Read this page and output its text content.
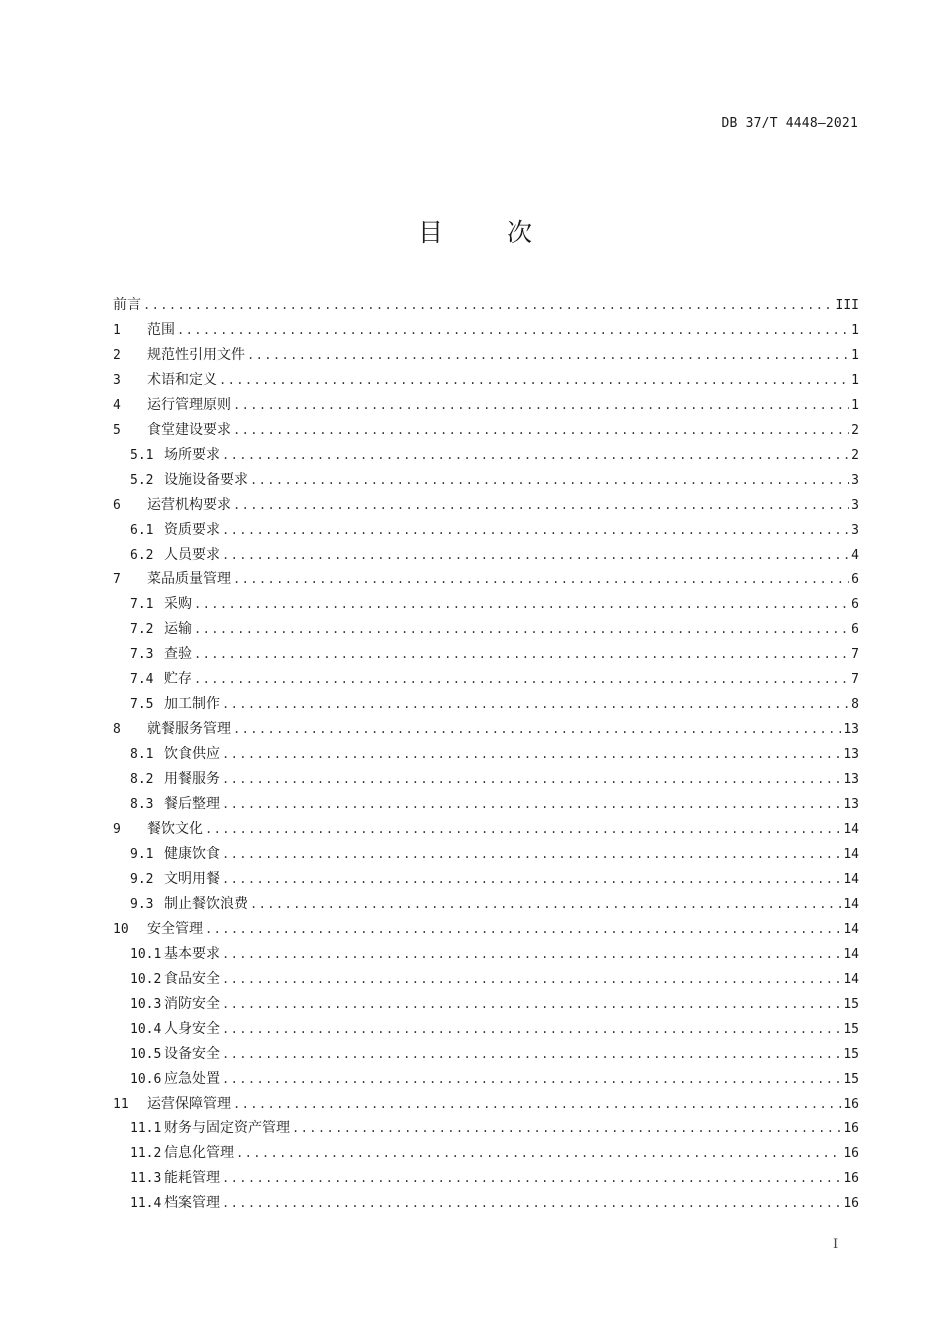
DB 37/T 4448—2021
目 次
前言 .....	III
1	范围 .....	1
2	规范性引用文件 .....	1
3	术语和定义 .....	1
4	运行管理原则 .....	1
5	食堂建设要求 .....	2
5.1 场所要求 .....	2
5.2 设施设备要求 .....	3
6	运营机构要求 .....	3
6.1 资质要求 .....	3
6.2 人员要求 .....	4
7	菜品质量管理 .....	6
7.1 采购 .....	6
7.2 运输 .....	6
7.3 查验 .....	7
7.4 贮存 .....	7
7.5 加工制作 .....	8
8	就餐服务管理 .....	13
8.1 饮食供应 .....	13
8.2 用餐服务 .....	13
8.3 餐后整理 .....	13
9	餐饮文化 .....	14
9.1 健康饮食 .....	14
9.2 文明用餐 .....	14
9.3 制止餐饮浪费 .....	14
10	安全管理 .....	14
10.1 基本要求 .....	14
10.2 食品安全 .....	14
10.3 消防安全 .....	15
10.4 人身安全 .....	15
10.5 设备安全 .....	15
10.6 应急处置 .....	15
11	运营保障管理 .....	16
11.1 财务与固定资产管理 .....	16
11.2 信息化管理 .....	16
11.3 能耗管理 .....	16
11.4 档案管理 .....	16
I
